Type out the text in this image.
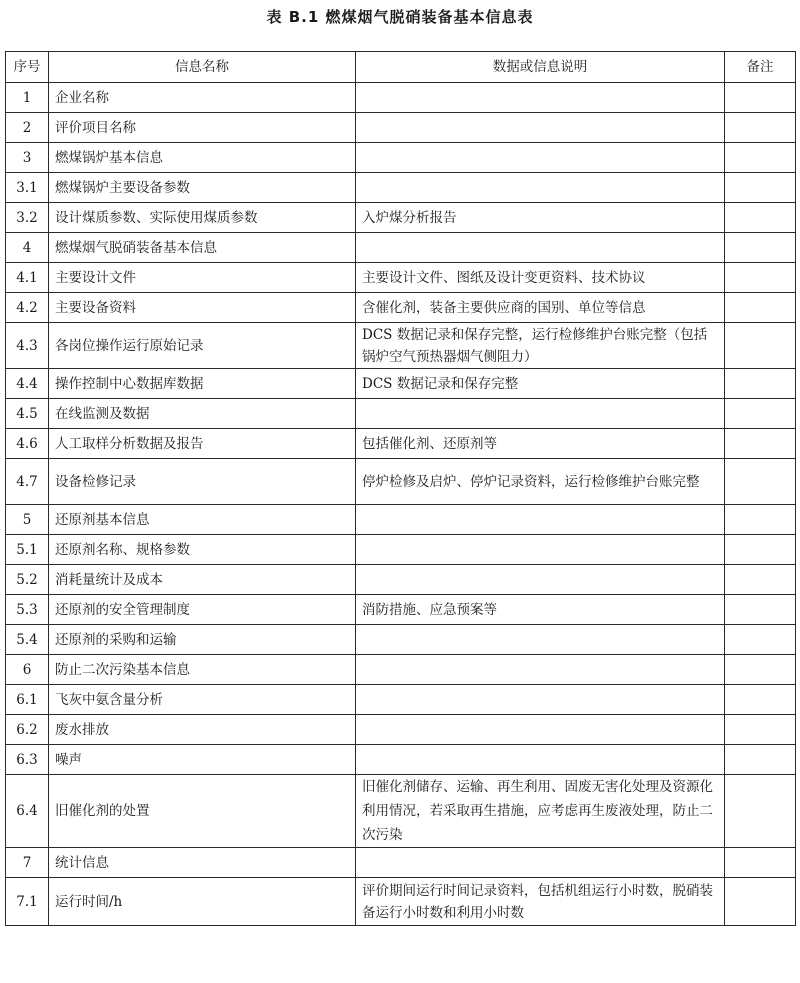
表 B.1 燃煤烟气脱硝装备基本信息表
序号	信息名称	数据或信息说明	备注
1	企业名称		
2	评价项目名称		
3	燃煤锅炉基本信息		
3.1	燃煤锅炉主要设备参数		
3.2	设计煤质参数、实际使用煤质参数	入炉煤分析报告	
4	燃煤烟气脱硝装备基本信息		
4.1	主要设计文件	主要设计文件、图纸及设计变更资料、技术协议	
4.2	主要设备资料	含催化剂，装备主要供应商的国别、单位等信息	
4.3	各岗位操作运行原始记录	DCS 数据记录和保存完整，运行检修维护台账完整（包括锅炉空气预热器烟气侧阻力）	
4.4	操作控制中心数据库数据	DCS 数据记录和保存完整	
4.5	在线监测及数据		
4.6	人工取样分析数据及报告	包括催化剂、还原剂等	
4.7	设备检修记录	停炉检修及启炉、停炉记录资料，运行检修维护台账完整	
5	还原剂基本信息		
5.1	还原剂名称、规格参数		
5.2	消耗量统计及成本		
5.3	还原剂的安全管理制度	消防措施、应急预案等	
5.4	还原剂的采购和运输		
6	防止二次污染基本信息		
6.1	飞灰中氨含量分析		
6.2	废水排放		
6.3	噪声		
6.4	旧催化剂的处置	旧催化剂储存、运输、再生利用、固废无害化处理及资源化利用情况，若采取再生措施，应考虑再生废液处理，防止二次污染	
7	统计信息		
7.1	运行时间/h	评价期间运行时间记录资料，包括机组运行小时数，脱硝装备运行小时数和利用小时数	
